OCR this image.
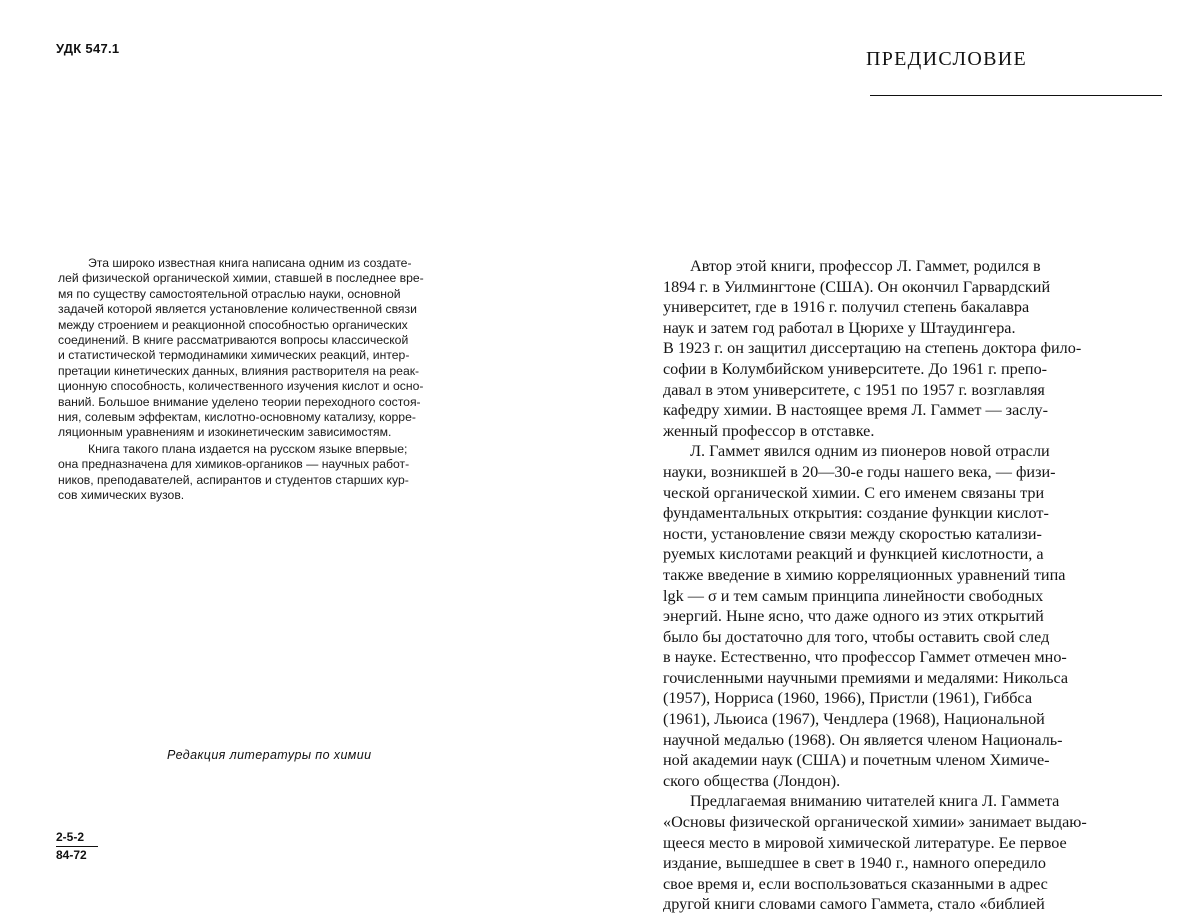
УДК 547.1
Эта широко известная книга написана одним из создате-
лей физической органической химии, ставшей в последнее вре-
мя по существу самостоятельной отраслью науки, основной
задачей которой является установление количественной связи
между строением и реакционной способностью органических
соединений. В книге рассматриваются вопросы классической
и статистической термодинамики химических реакций, интер-
претации кинетических данных, влияния растворителя на реак-
ционную способность, количественного изучения кислот и осно-
ваний. Большое внимание уделено теории переходного состоя-
ния, солевым эффектам, кислотно-основному катализу, корре-
ляционным уравнениям и изокинетическим зависимостям.
Книга такого плана издается на русском языке впервые;
она предназначена для химиков-органиков — научных работ-
ников, преподавателей, аспирантов и студентов старших кур-
сов химических вузов.
Редакция литературы по химии
2-5-2
84-72
ПРЕДИСЛОВИЕ
Автор этой книги, профессор Л. Гаммет, родился в
1894 г. в Уилмингтоне (США). Он окончил Гарвардский
университет, где в 1916 г. получил степень бакалавра
наук и затем год работал в Цюрихе у Штаудингера.
В 1923 г. он защитил диссертацию на степень доктора фило-
софии в Колумбийском университете. До 1961 г. препо-
давал в этом университете, с 1951 по 1957 г. возглавляя
кафедру химии. В настоящее время Л. Гаммет — заслу-
женный профессор в отставке.
Л. Гаммет явился одним из пионеров новой отрасли
науки, возникшей в 20—30-е годы нашего века, — физи-
ческой органической химии. С его именем связаны три
фундаментальных открытия: создание функции кислот-
ности, установление связи между скоростью катализи-
руемых кислотами реакций и функцией кислотности, а
также введение в химию корреляционных уравнений типа
lgk — σ и тем самым принципа линейности свободных
энергий. Ныне ясно, что даже одного из этих открытий
было бы достаточно для того, чтобы оставить свой след
в науке. Естественно, что профессор Гаммет отмечен мно-
гочисленными научными премиями и медалями: Никольса
(1957), Норриса (1960, 1966), Пристли (1961), Гиббса
(1961), Льюиса (1967), Чендлера (1968), Национальной
научной медалью (1968). Он является членом Националь-
ной академии наук (США) и почетным членом Химиче-
ского общества (Лондон).
Предлагаемая вниманию читателей книга Л. Гаммета
«Основы физической органической химии» занимает выдаю-
щееся место в мировой химической литературе. Ее первое
издание, вышедшее в свет в 1940 г., намного опередило
свое время и, если воспользоваться сказанными в адрес
другой книги словами самого Гаммета, стало «библией
